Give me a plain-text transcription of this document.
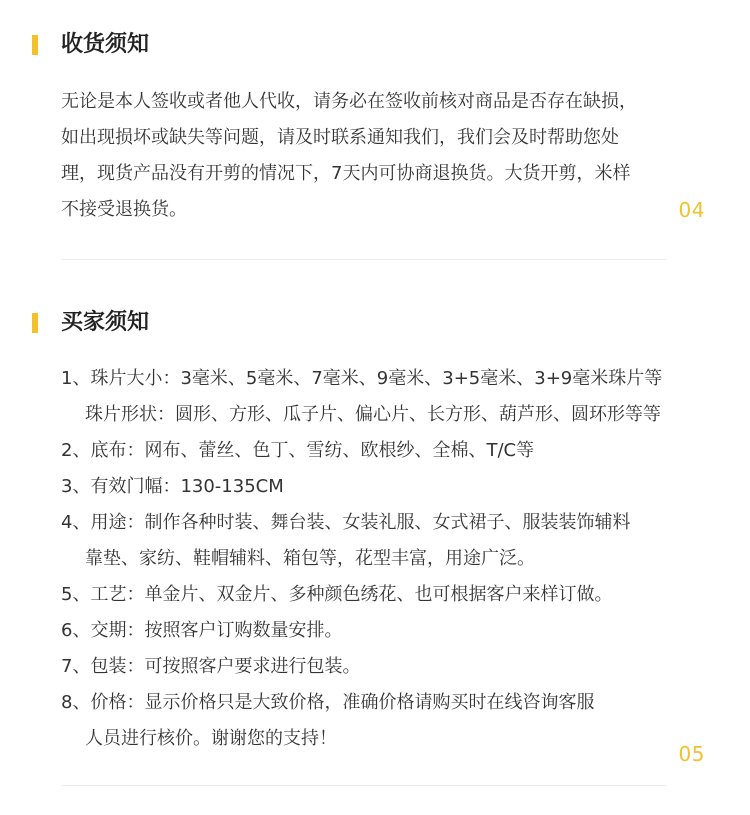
收货须知
无论是本人签收或者他人代收，请务必在签收前核对商品是否存在缺损，
如出现损坏或缺失等问题，请及时联系通知我们，我们会及时帮助您处
理，现货产品没有开剪的情况下，7天内可协商退换货。大货开剪，米样
不接受退换货。	04
买家须知
1、珠片大小：3毫米、5毫米、7毫米、9毫米、3+5毫米、3+9毫米珠片等
珠片形状：圆形、方形、瓜子片、偏心片、长方形、葫芦形、圆环形等等
2、底布：网布、蕾丝、色丁、雪纺、欧根纱、全棉、T/C等
3、有效门幅：130-135CM
4、用途：制作各种时装、舞台装、女装礼服、女式裙子、服装装饰辅料
靠垫、家纺、鞋帽辅料、箱包等，花型丰富，用途广泛。
5、工艺：单金片、双金片、多种颜色绣花、也可根据客户来样订做。
6、交期：按照客户订购数量安排。
7、包装：可按照客户要求进行包装。
8、价格：显示价格只是大致价格，准确价格请购买时在线咨询客服
人员进行核价。谢谢您的支持！
05
